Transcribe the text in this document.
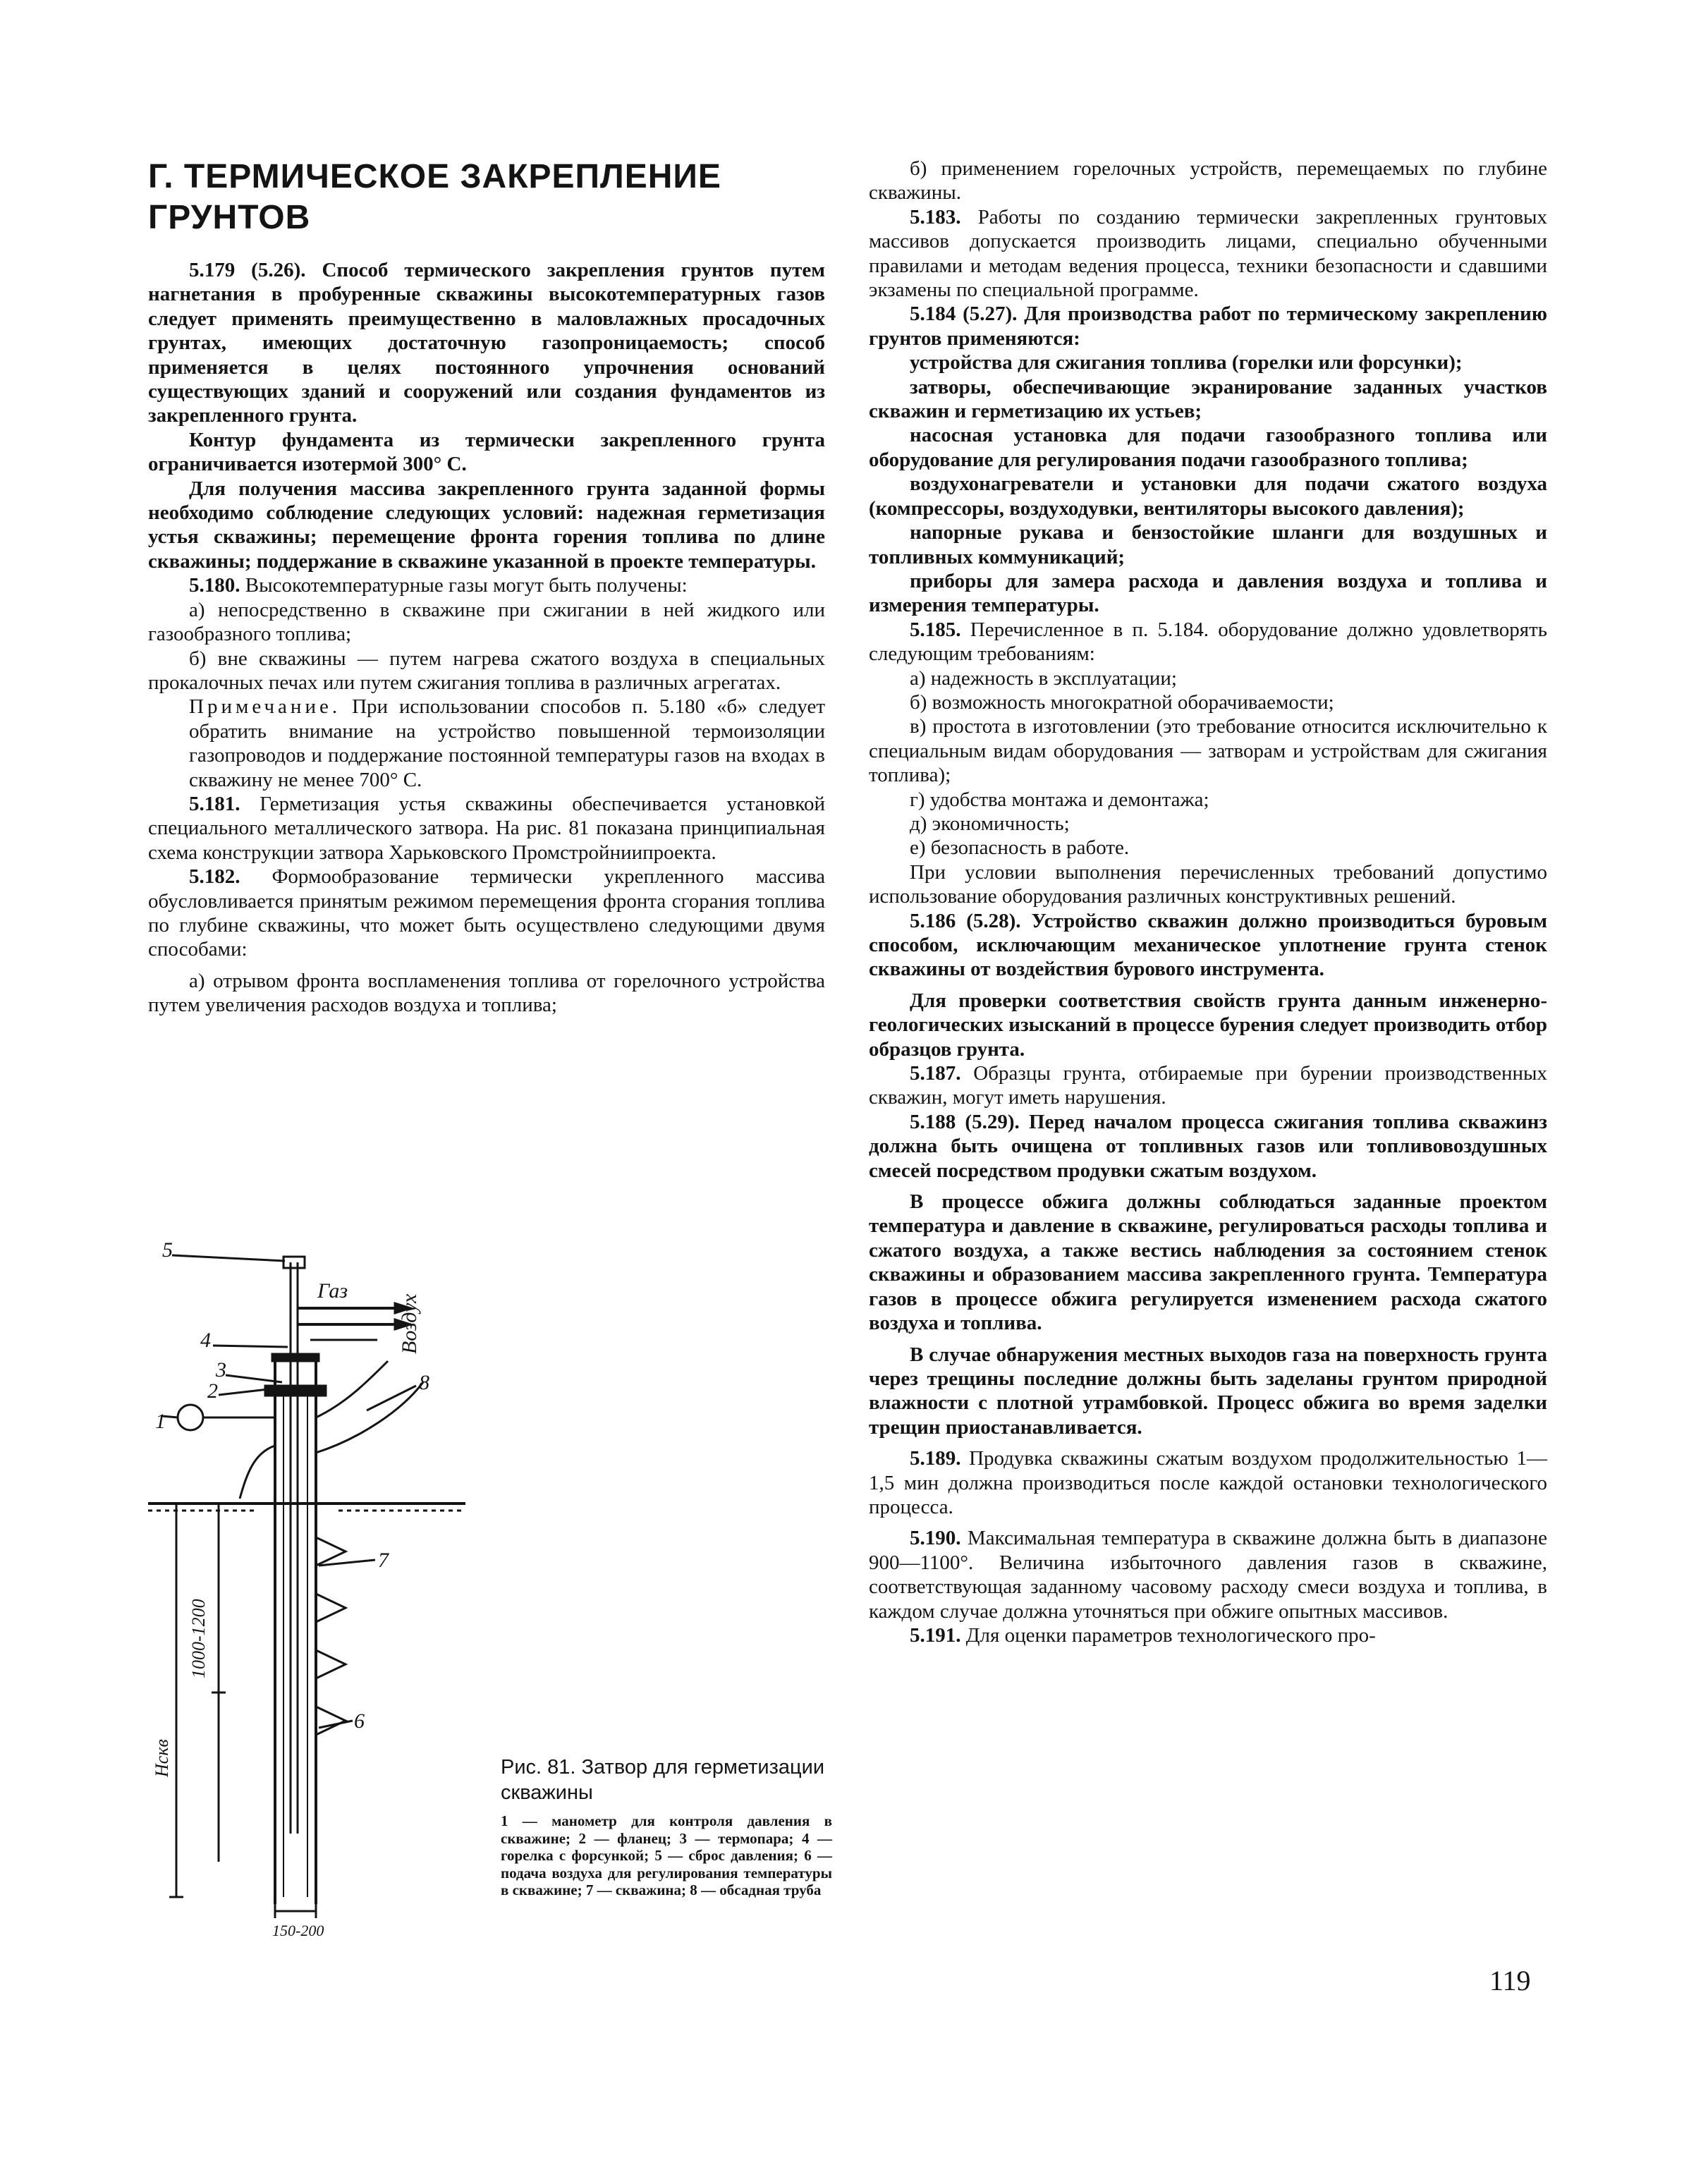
Г. ТЕРМИЧЕСКОЕ ЗАКРЕПЛЕНИЕ ГРУНТОВ

5.179 (5.26). Способ термического закрепления грунтов путем нагнетания в пробуренные скважины высокотемпературных газов следует применять преимущественно в маловлажных просадочных грунтах, имеющих достаточную газопроницаемость; способ применяется в целях постоянного упрочнения оснований существующих зданий и сооружений или создания фундаментов из закрепленного грунта.

Контур фундамента из термически закрепленного грунта ограничивается изотермой 300° С.

Для получения массива закрепленного грунта заданной формы необходимо соблюдение следующих условий: надежная герметизация устья скважины; перемещение фронта горения топлива по длине скважины; поддержание в скважине указанной в проекте температуры.

5.180. Высокотемпературные газы могут быть получены:

а) непосредственно в скважине при сжигании в ней жидкого или газообразного топлива;

б) вне скважины — путем нагрева сжатого воздуха в специальных прокалочных печах или путем сжигания топлива в различных агрегатах.

Примечание. При использовании способов п. 5.180 «б» следует обратить внимание на устройство повышенной термоизоляции газопроводов и поддержание постоянной температуры газов на входах в скважину не менее 700° С.

5.181. Герметизация устья скважины обеспечивается установкой специального металлического затвора. На рис. 81 показана принципиальная схема конструкции затвора Харьковского Промстройниипроекта.

5.182. Формообразование термически укрепленного массива обусловливается принятым режимом перемещения фронта сгорания топлива по глубине скважины, что может быть осуществлено следующими двумя способами:

а) отрывом фронта воспламенения топлива от горелочного устройства путем увеличения расходов воздуха и топлива;

Газ
Воздух
1000-1200
Hскв
150-200
1
2
3
4
5
6
7
8

Рис. 81. Затвор для герметизации скважины

1 — манометр для контроля давления в скважине; 2 — фланец; 3 — термопара; 4 — горелка с форсункой; 5 — сброс давления; 6 — подача воздуха для регулирования температуры в скважине; 7 — скважина; 8 — обсадная труба

б) применением горелочных устройств, перемещаемых по глубине скважины.

5.183. Работы по созданию термически закрепленных грунтовых массивов допускается производить лицами, специально обученными правилами и методам ведения процесса, техники безопасности и сдавшими экзамены по специальной программе.

5.184 (5.27). Для производства работ по термическому закреплению грунтов применяются:

устройства для сжигания топлива (горелки или форсунки);

затворы, обеспечивающие экранирование заданных участков скважин и герметизацию их устьев;

насосная установка для подачи газообразного топлива или оборудование для регулирования подачи газообразного топлива;

воздухонагреватели и установки для подачи сжатого воздуха (компрессоры, воздуходувки, вентиляторы высокого давления);

напорные рукава и бензостойкие шланги для воздушных и топливных коммуникаций;

приборы для замера расхода и давления воздуха и топлива и измерения температуры.

5.185. Перечисленное в п. 5.184. оборудование должно удовлетворять следующим требованиям:

а) надежность в эксплуатации;

б) возможность многократной оборачиваемости;

в) простота в изготовлении (это требование относится исключительно к специальным видам оборудования — затворам и устройствам для сжигания топлива);

г) удобства монтажа и демонтажа;

д) экономичность;

е) безопасность в работе.

При условии выполнения перечисленных требований допустимо использование оборудования различных конструктивных решений.

5.186 (5.28). Устройство скважин должно производиться буровым способом, исключающим механическое уплотнение грунта стенок скважины от воздействия бурового инструмента.

Для проверки соответствия свойств грунта данным инженерно-геологических изысканий в процессе бурения следует производить отбор образцов грунта.

5.187. Образцы грунта, отбираемые при бурении производственных скважин, могут иметь нарушения.

5.188 (5.29). Перед началом процесса сжигания топлива скважинз должна быть очищена от топливных газов или топливовоздушных смесей посредством продувки сжатым воздухом.

В процессе обжига должны соблюдаться заданные проектом температура и давление в скважине, регулироваться расходы топлива и сжатого воздуха, а также вестись наблюдения за состоянием стенок скважины и образованием массива закрепленного грунта. Температура газов в процессе обжига регулируется изменением расхода сжатого воздуха и топлива.

В случае обнаружения местных выходов газа на поверхность грунта через трещины последние должны быть заделаны грунтом природной влажности с плотной утрамбовкой. Процесс обжига во время заделки трещин приостанавливается.

5.189. Продувка скважины сжатым воздухом продолжительностью 1—1,5 мин должна производиться после каждой остановки технологического процесса.

5.190. Максимальная температура в скважине должна быть в диапазоне 900—1100°. Величина избыточного давления газов в скважине, соответствующая заданному часовому расходу смеси воздуха и топлива, в каждом случае должна уточняться при обжиге опытных массивов.

5.191. Для оценки параметров технологического про-

119
